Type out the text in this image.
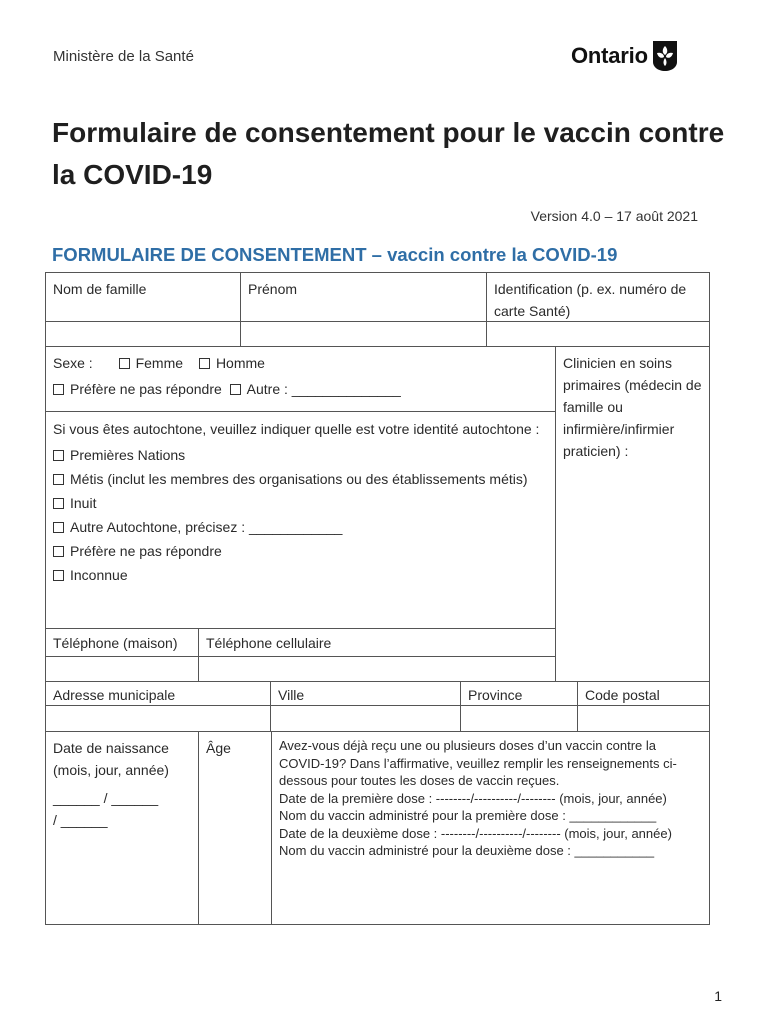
Ministère de la Santé	Ontario
Formulaire de consentement pour le vaccin contre la COVID-19
Version 4.0 – 17 août 2021
FORMULAIRE DE CONSENTEMENT – vaccin contre la COVID-19
Nom de famille	Prénom	Identification (p. ex. numéro de carte Santé)
Sexe :	Femme Homme
Préfère ne pas répondre Autre : ______________
Clinicien en soins primaires (médecin de famille ou infirmière/infirmier praticien) :
Si vous êtes autochtone, veuillez indiquer quelle est votre identité autochtone :
Premières Nations
Métis (inclut les membres des organisations ou des établissements métis)
Inuit
Autre Autochtone, précisez : ____________
Préfère ne pas répondre
Inconnue
Téléphone (maison)	Téléphone cellulaire
Adresse municipale	Ville	Province	Code postal
Date de naissance (mois, jour, année)
______ / ______
/ ______
Âge	Avez-vous déjà reçu une ou plusieurs doses d’un vaccin contre la COVID-19? Dans l’affirmative, veuillez remplir les renseignements ci-dessous pour toutes les doses de vaccin reçues.
Date de la première dose : --------/----------/-------- (mois, jour, année)
Nom du vaccin administré pour la première dose : ____________
Date de la deuxième dose : --------/----------/-------- (mois, jour, année)
Nom du vaccin administré pour la deuxième dose : ___________
1
